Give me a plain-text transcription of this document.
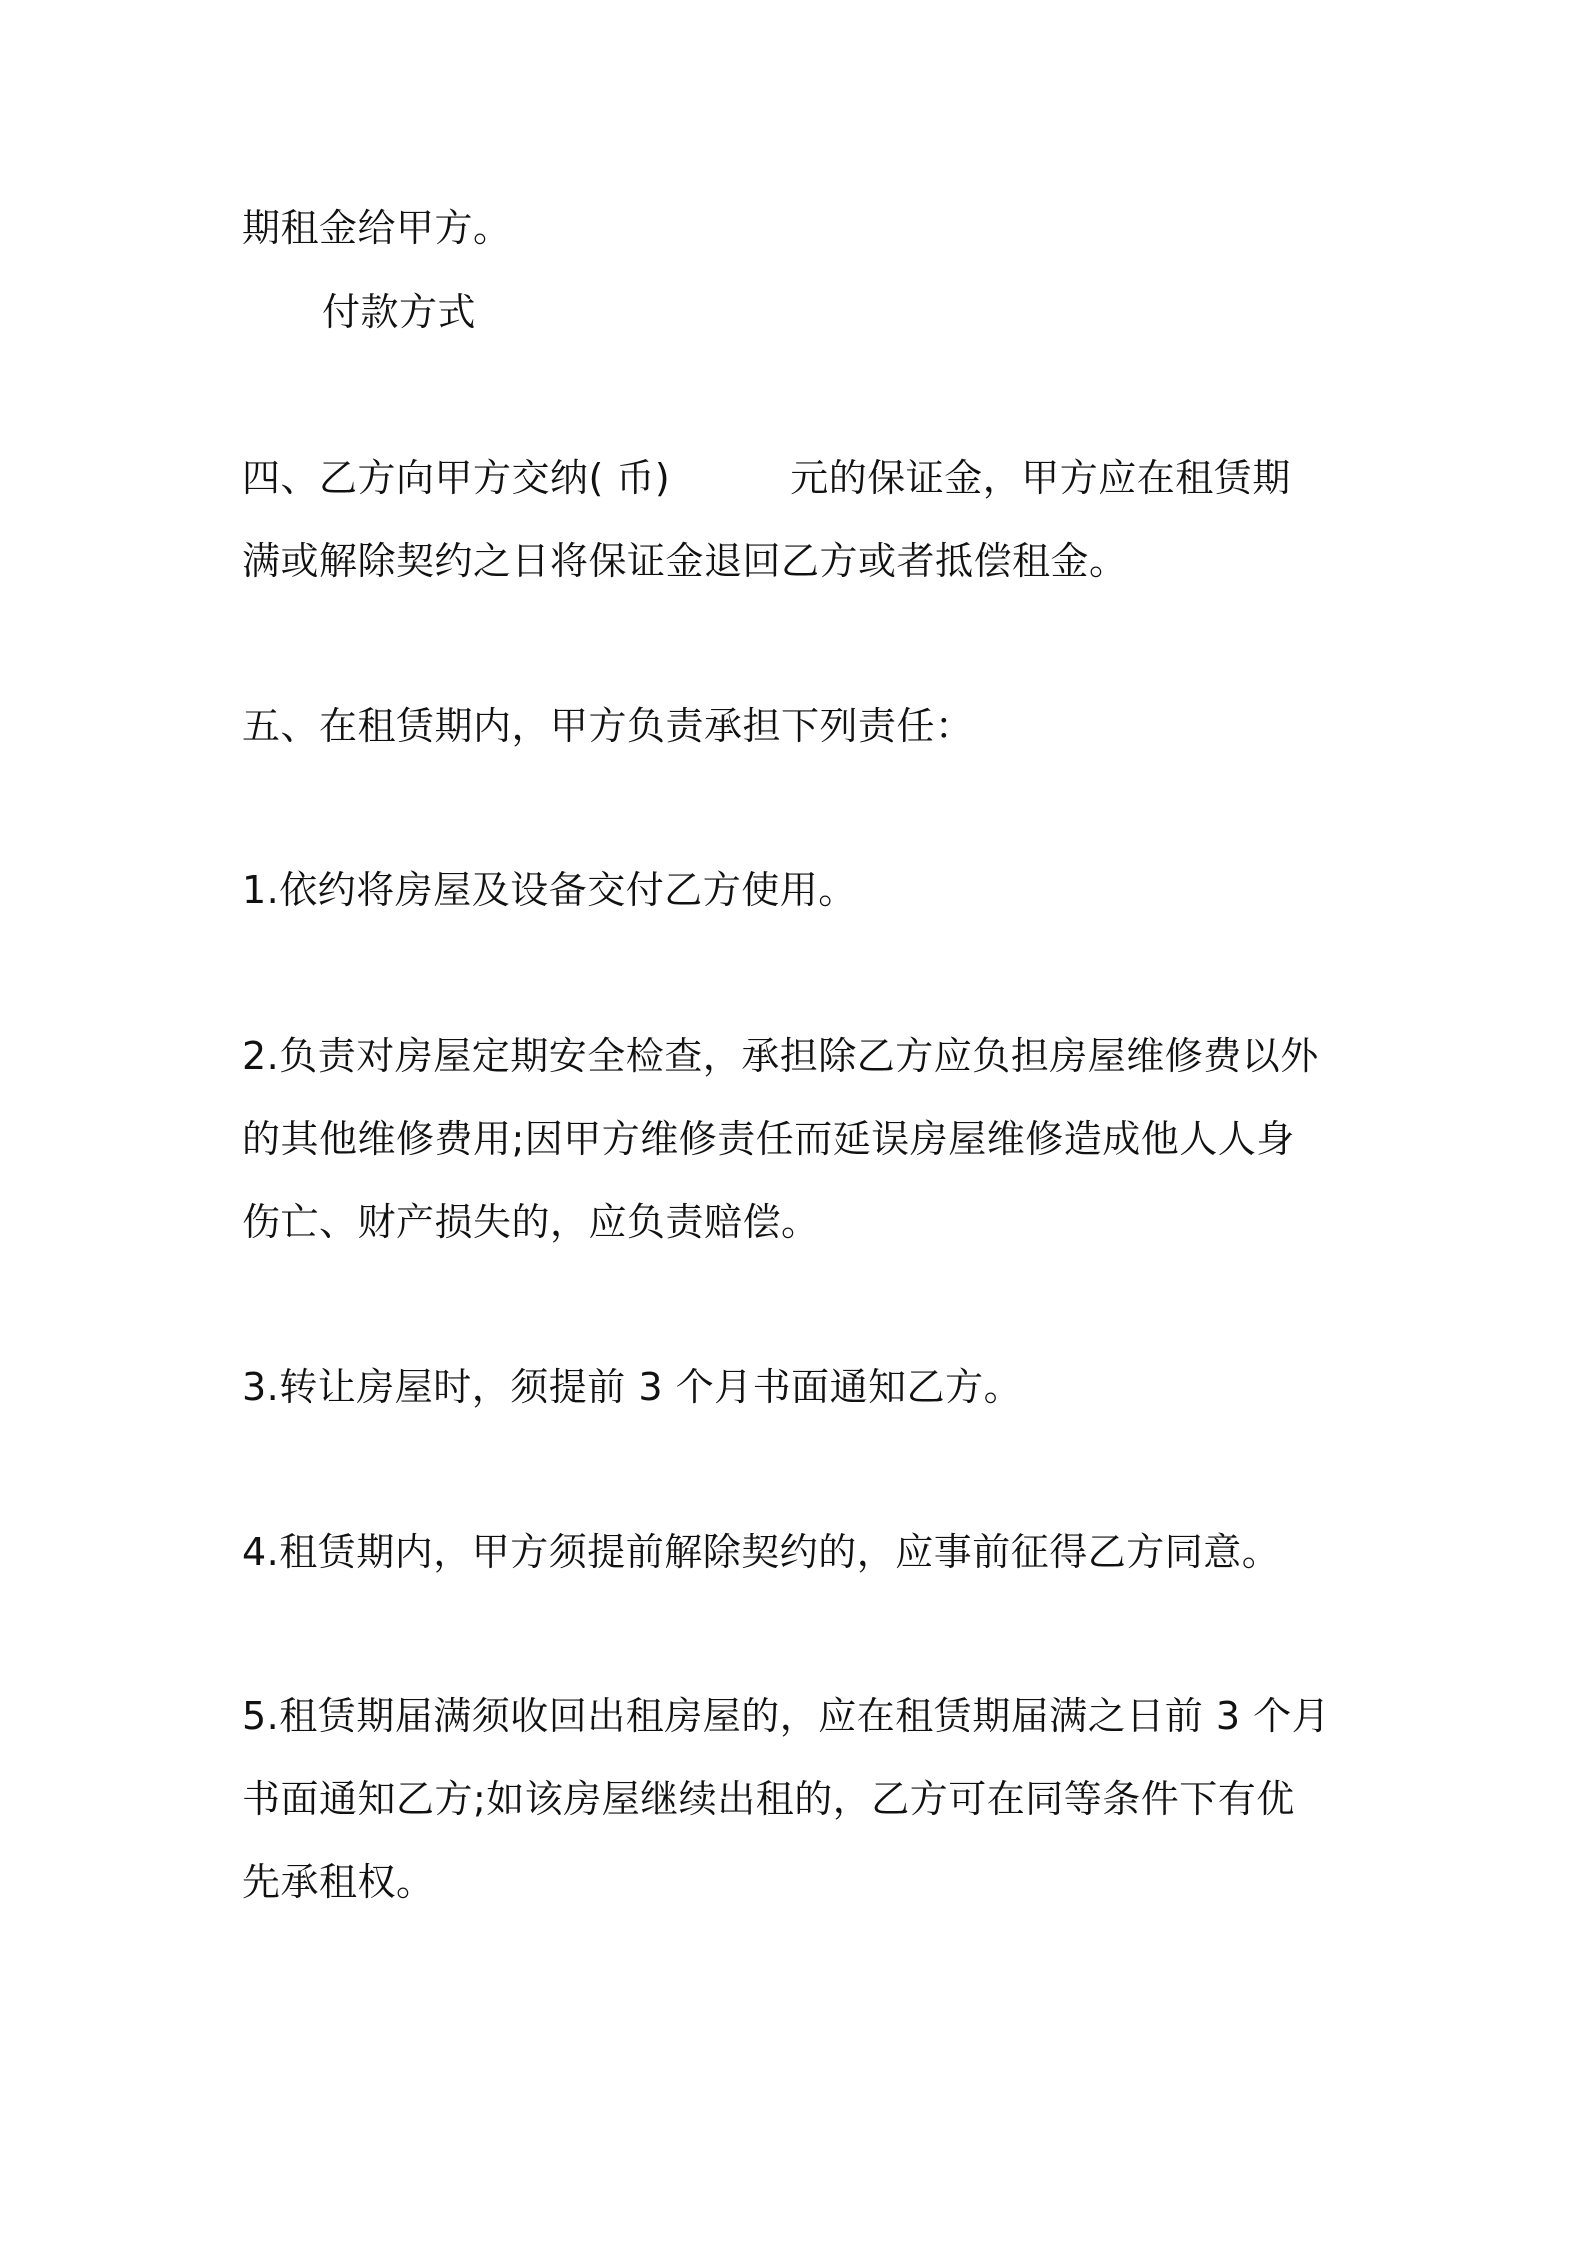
期租金给甲方。
付款方式
四、乙方向甲方交纳( 币)	元的保证金，甲方应在租赁期
满或解除契约之日将保证金退回乙方或者抵偿租金。
五、在租赁期内，甲方负责承担下列责任：
1.依约将房屋及设备交付乙方使用。
2.负责对房屋定期安全检查，承担除乙方应负担房屋维修费以外
的其他维修费用;因甲方维修责任而延误房屋维修造成他人人身
伤亡、财产损失的，应负责赔偿。
3.转让房屋时，须提前 3 个月书面通知乙方。
4.租赁期内，甲方须提前解除契约的，应事前征得乙方同意。
5.租赁期届满须收回出租房屋的，应在租赁期届满之日前 3 个月
书面通知乙方;如该房屋继续出租的，乙方可在同等条件下有优
先承租权。
